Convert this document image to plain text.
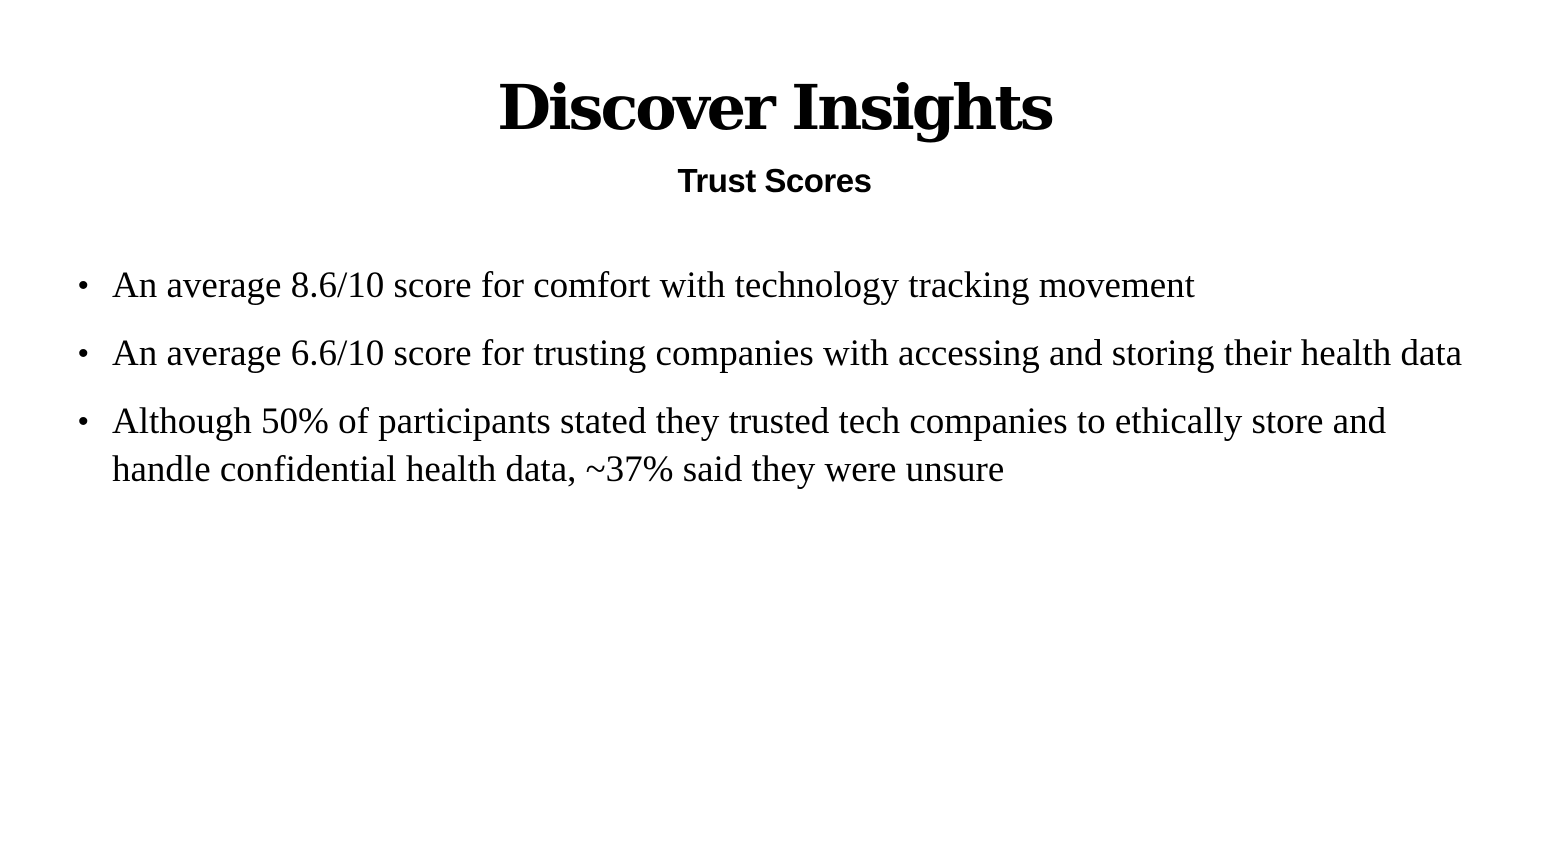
Discover Insights
Trust Scores
• An average 8.6/10 score for comfort with technology tracking movement
• An average 6.6/10 score for trusting companies with accessing and storing their health data
• Although 50% of participants stated they trusted tech companies to ethically store and handle confidential health data, ~37% said they were unsure
